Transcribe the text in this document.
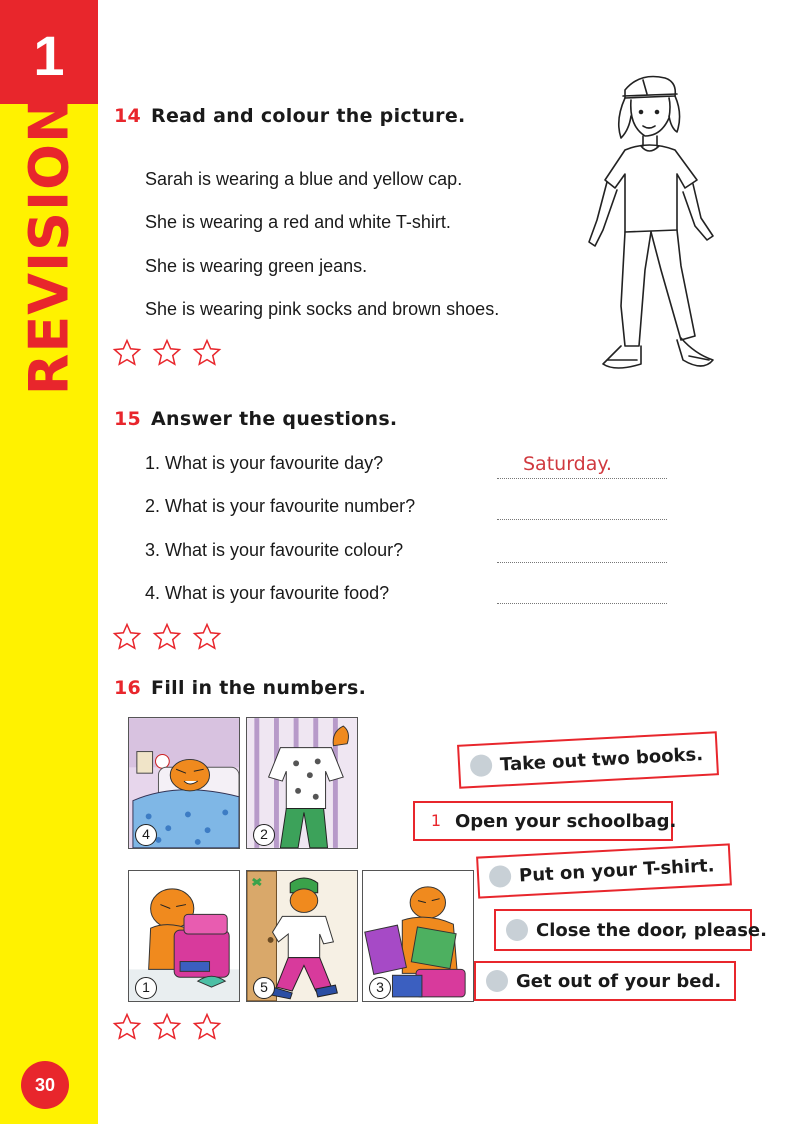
1
REVISION
30
14 Read and colour the picture.
Sarah is wearing a blue and yellow cap.
She is wearing a red and white T-shirt.
She is wearing green jeans.
She is wearing pink socks and brown shoes.
15 Answer the questions.
1. What is your favourite day?	Saturday.
2. What is your favourite number?
3. What is your favourite colour?
4. What is your favourite food?
16 Fill in the numbers.
4	2
1	5	3
Take out two books.
1 Open your schoolbag.
Put on your T-shirt.
Close the door, please.
Get out of your bed.
